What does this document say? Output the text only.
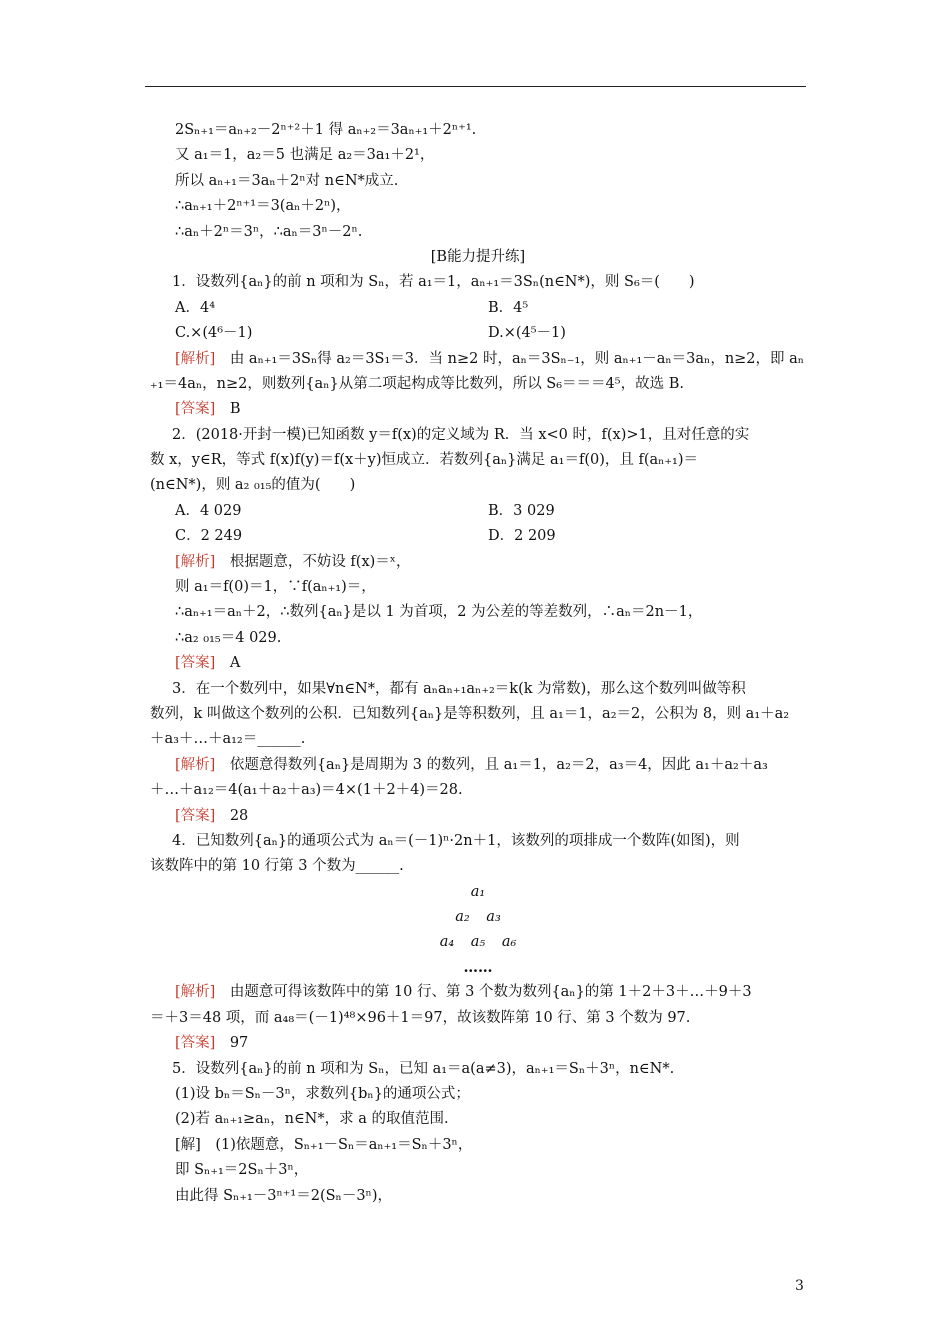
2Sₙ₊₁＝aₙ₊₂－2ⁿ⁺²＋1 得 aₙ₊₂＝3aₙ₊₁＋2ⁿ⁺¹.
又 a₁＝1，a₂＝5 也满足 a₂＝3a₁＋2¹，
所以 aₙ₊₁＝3aₙ＋2ⁿ对 n∈N*成立.
∴aₙ₊₁＋2ⁿ⁺¹＝3(aₙ＋2ⁿ)，
∴aₙ＋2ⁿ＝3ⁿ，∴aₙ＝3ⁿ－2ⁿ.
[B能力提升练]
1．设数列{aₙ}的前 n 项和为 Sₙ，若 a₁＝1，aₙ₊₁＝3Sₙ(n∈N*)，则 S₆＝(　　)
A．4⁴	B．4⁵
C.×(4⁶－1)	D.×(4⁵－1)
[解析]　 由 aₙ₊₁＝3Sₙ得 a₂＝3S₁＝3．当 n≥2 时，aₙ＝3Sₙ₋₁，则 aₙ₊₁－aₙ＝3aₙ，n≥2，即 aₙ
₊₁＝4aₙ，n≥2，则数列{aₙ}从第二项起构成等比数列，所以 S₆＝＝＝4⁵，故选 B.
[答案]　 B
2．(2018·开封一模)已知函数 y＝f(x)的定义域为 R．当 x<0 时，f(x)>1，且对任意的实
数 x，y∈R，等式 f(x)f(y)＝f(x＋y)恒成立．若数列{aₙ}满足 a₁＝f(0)，且 f(aₙ₊₁)＝
(n∈N*)，则 a₂ ₀₁₅的值为(　　)
A．4 029	B．3 029
C．2 249	D．2 209
[解析]　 根据题意，不妨设 f(x)＝ˣ，
则 a₁＝f(0)＝1，∵f(aₙ₊₁)＝，
∴aₙ₊₁＝aₙ＋2，∴数列{aₙ}是以 1 为首项，2 为公差的等差数列，∴aₙ＝2n－1，
∴a₂ ₀₁₅＝4 029.
[答案]　 A
3．在一个数列中，如果∀n∈N*，都有 aₙaₙ₊₁aₙ₊₂＝k(k 为常数)，那么这个数列叫做等积
数列，k 叫做这个数列的公积．已知数列{aₙ}是等积数列，且 a₁＝1，a₂＝2，公积为 8，则 a₁＋a₂
＋a₃＋…＋a₁₂＝______.
[解析]　 依题意得数列{aₙ}是周期为 3 的数列，且 a₁＝1，a₂＝2，a₃＝4，因此 a₁＋a₂＋a₃
＋…＋a₁₂＝4(a₁＋a₂＋a₃)＝4×(1＋2＋4)＝28.
[答案]　 28
4．已知数列{aₙ}的通项公式为 aₙ＝(－1)ⁿ·2n＋1，该数列的项排成一个数阵(如图)，则
该数阵中的第 10 行第 3 个数为______.
a₁
a₂ a₃
a₄ a₅ a₆
……
[解析]　 由题意可得该数阵中的第 10 行、第 3 个数为数列{aₙ}的第 1＋2＋3＋…＋9＋3
＝＋3＝48 项，而 a₄₈＝(－1)⁴⁸×96＋1＝97，故该数阵第 10 行、第 3 个数为 97.
[答案]　 97
5．设数列{aₙ}的前 n 项和为 Sₙ，已知 a₁＝a(a≠3)，aₙ₊₁＝Sₙ＋3ⁿ，n∈N*.
(1)设 bₙ＝Sₙ－3ⁿ，求数列{bₙ}的通项公式；
(2)若 aₙ₊₁≥aₙ，n∈N*，求 a 的取值范围.
[解]　(1)依题意，Sₙ₊₁－Sₙ＝aₙ₊₁＝Sₙ＋3ⁿ，
即 Sₙ₊₁＝2Sₙ＋3ⁿ，
由此得 Sₙ₊₁－3ⁿ⁺¹＝2(Sₙ－3ⁿ)，
3
